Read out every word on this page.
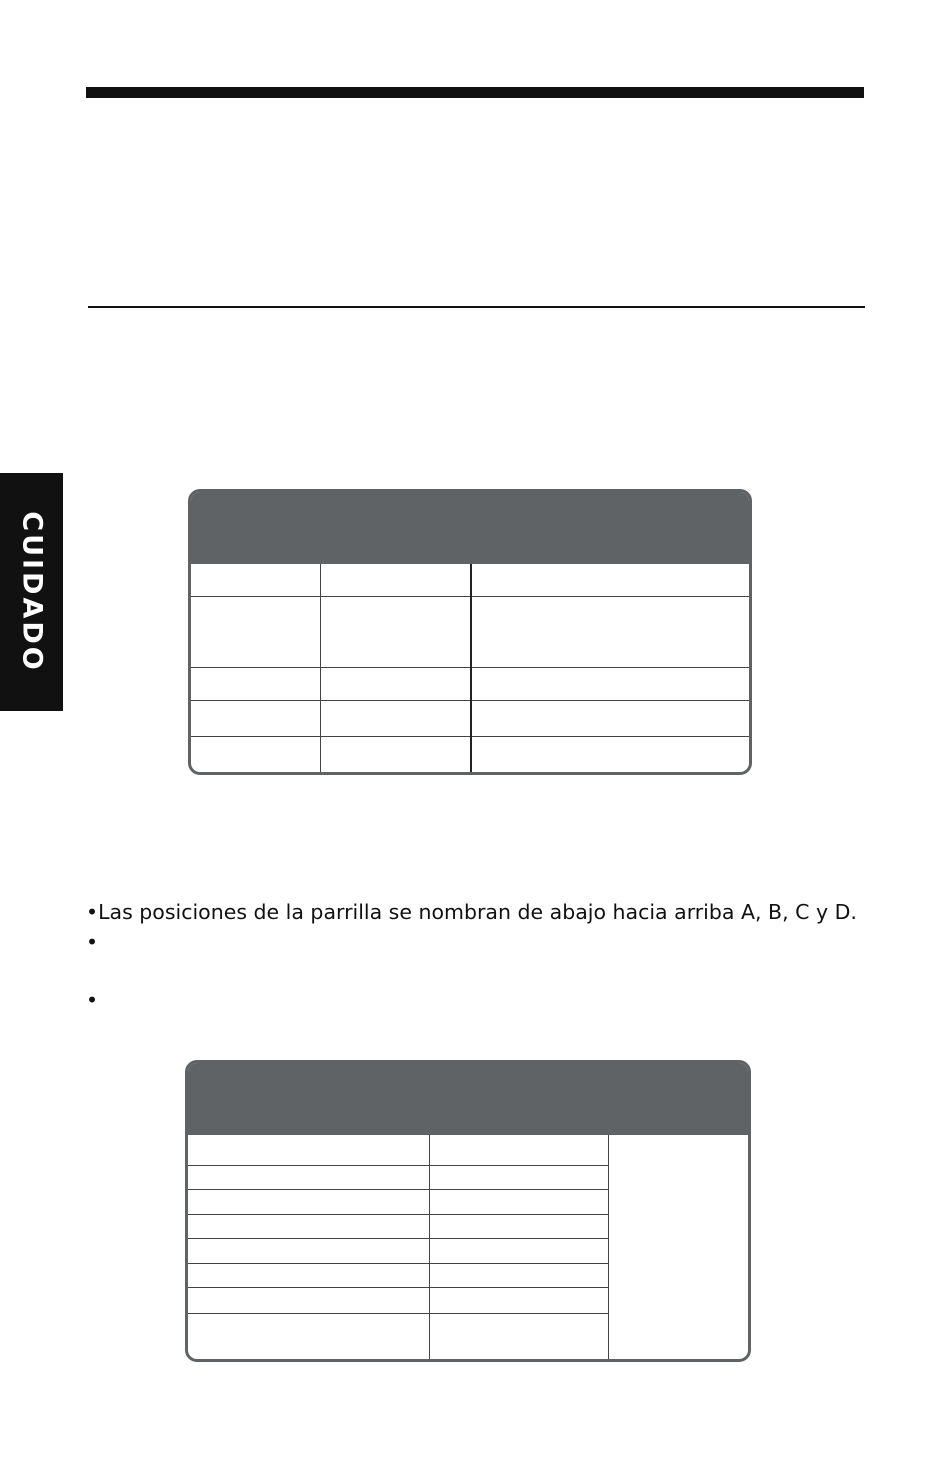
CUIDADO
•Las posiciones de la parrilla se nombran de abajo hacia arriba A, B, C y D.
•
•
